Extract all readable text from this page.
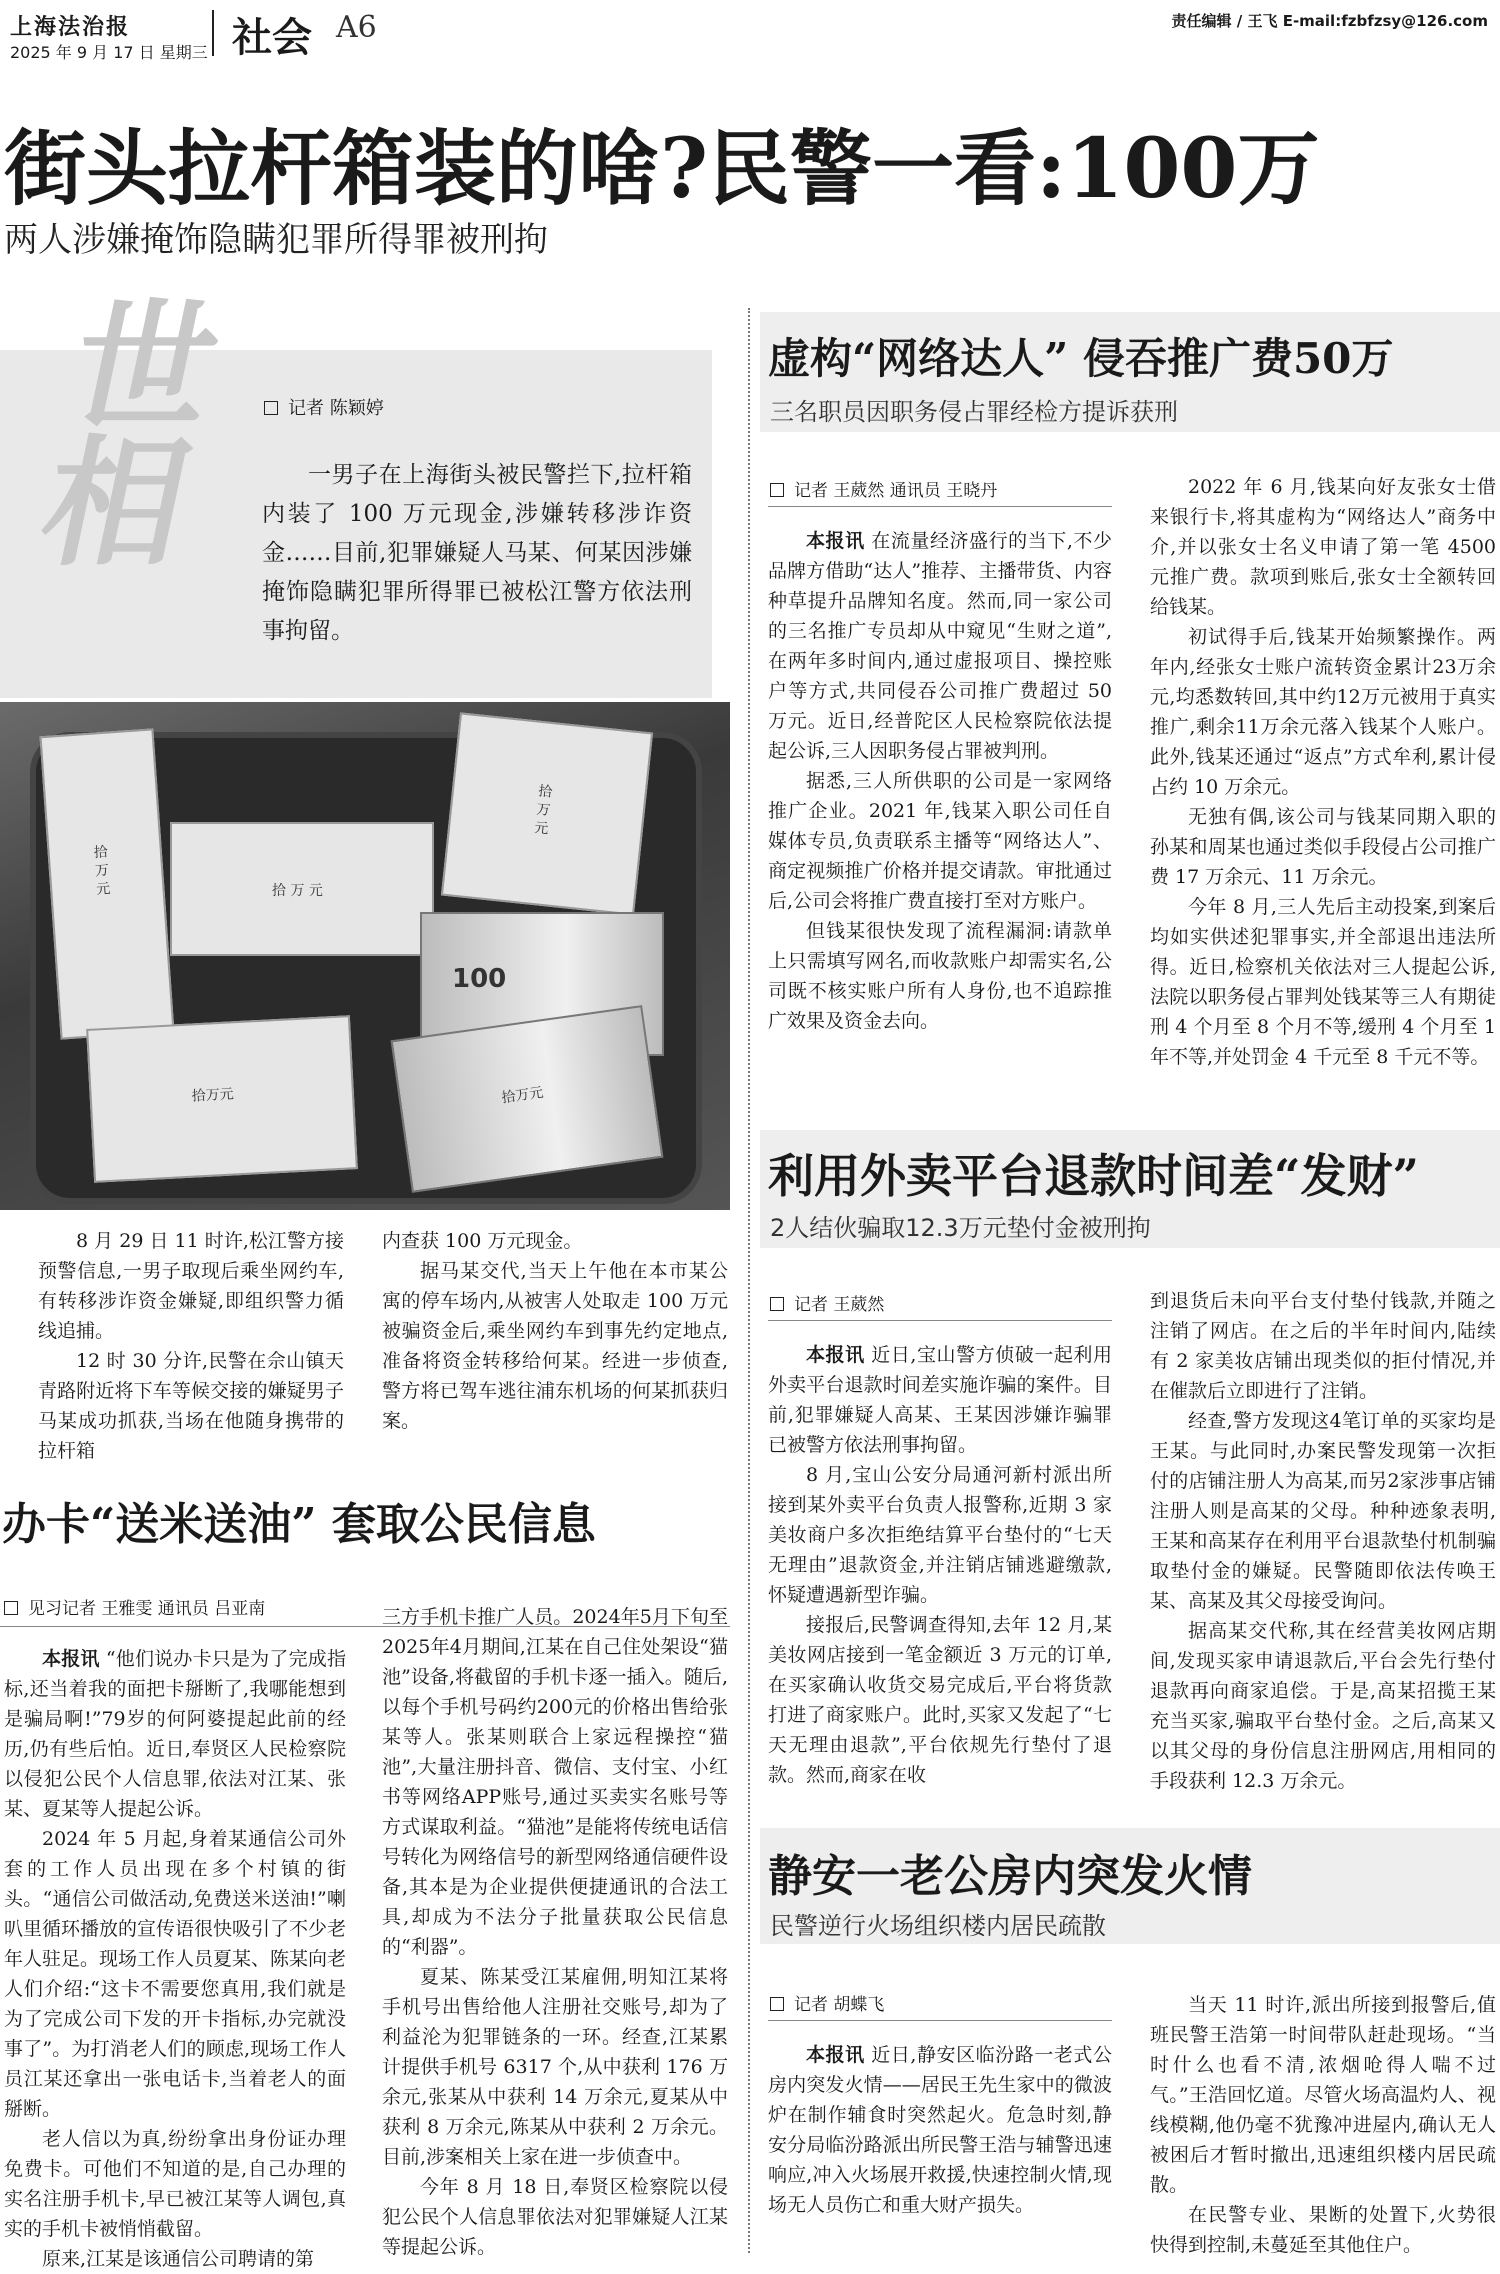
上海法治报
2025 年 9 月 17 日 星期三 社会 A6	责任编辑 / 王飞 E-mail:fzbfzsy@126.com
街头拉杆箱装的啥?民警一看:100万
两人涉嫌掩饰隐瞒犯罪所得罪被刑拘
世相
记者 陈颖婷
一男子在上海街头被民警拦下,拉杆箱内装了 100 万元现金,涉嫌转移涉诈资金……目前,犯罪嫌疑人马某、何某因涉嫌掩饰隐瞒犯罪所得罪已被松江警方依法刑事拘留。
拾 万 元	拾 万 元
拾 万 元
100
拾万元	拾万元

8 月 29 日 11 时许,松江警方接预警信息,一男子取现后乘坐网约车,有转移涉诈资金嫌疑,即组织警力循线追捕。

12 时 30 分许,民警在佘山镇天青路附近将下车等候交接的嫌疑男子马某成功抓获,当场在他随身携带的拉杆箱

内查获 100 万元现金。

据马某交代,当天上午他在本市某公寓的停车场内,从被害人处取走 100 万元被骗资金后,乘坐网约车到事先约定地点,准备将资金转移给何某。经进一步侦查,警方将已驾车逃往浦东机场的何某抓获归案。

办卡“送米送油” 套取公民信息
见习记者 王雅雯 通讯员 吕亚南

本报讯 “他们说办卡只是为了完成指标,还当着我的面把卡掰断了,我哪能想到是骗局啊!”79岁的何阿婆提起此前的经历,仍有些后怕。近日,奉贤区人民检察院以侵犯公民个人信息罪,依法对江某、张某、夏某等人提起公诉。

2024 年 5 月起,身着某通信公司外套的工作人员出现在多个村镇的街头。“通信公司做活动,免费送米送油!”喇叭里循环播放的宣传语很快吸引了不少老年人驻足。现场工作人员夏某、陈某向老人们介绍:“这卡不需要您真用,我们就是为了完成公司下发的开卡指标,办完就没事了”。为打消老人们的顾虑,现场工作人员江某还拿出一张电话卡,当着老人的面掰断。

老人信以为真,纷纷拿出身份证办理免费卡。可他们不知道的是,自己办理的实名注册手机卡,早已被江某等人调包,真实的手机卡被悄悄截留。

原来,江某是该通信公司聘请的第

三方手机卡推广人员。2024年5月下旬至2025年4月期间,江某在自己住处架设“猫池”设备,将截留的手机卡逐一插入。随后,以每个手机号码约200元的价格出售给张某等人。张某则联合上家远程操控“猫池”,大量注册抖音、微信、支付宝、小红书等网络APP账号,通过买卖实名账号等方式谋取利益。“猫池”是能将传统电话信号转化为网络信号的新型网络通信硬件设备,其本是为企业提供便捷通讯的合法工具,却成为不法分子批量获取公民信息的“利器”。

夏某、陈某受江某雇佣,明知江某将手机号出售给他人注册社交账号,却为了利益沦为犯罪链条的一环。经查,江某累计提供手机号 6317 个,从中获利 176 万余元,张某从中获利 14 万余元,夏某从中获利 8 万余元,陈某从中获利 2 万余元。目前,涉案相关上家在进一步侦查中。

今年 8 月 18 日,奉贤区检察院以侵犯公民个人信息罪依法对犯罪嫌疑人江某等提起公诉。

虚构“网络达人” 侵吞推广费50万
三名职员因职务侵占罪经检方提诉获刑
记者 王葳然 通讯员 王晓丹

本报讯 在流量经济盛行的当下,不少品牌方借助“达人”推荐、主播带货、内容种草提升品牌知名度。然而,同一家公司的三名推广专员却从中窥见“生财之道”,在两年多时间内,通过虚报项目、操控账户等方式,共同侵吞公司推广费超过 50 万元。近日,经普陀区人民检察院依法提起公诉,三人因职务侵占罪被判刑。

据悉,三人所供职的公司是一家网络推广企业。2021 年,钱某入职公司任自媒体专员,负责联系主播等“网络达人”、商定视频推广价格并提交请款。审批通过后,公司会将推广费直接打至对方账户。

但钱某很快发现了流程漏洞:请款单上只需填写网名,而收款账户却需实名,公司既不核实账户所有人身份,也不追踪推广效果及资金去向。

2022 年 6 月,钱某向好友张女士借来银行卡,将其虚构为“网络达人”商务中介,并以张女士名义申请了第一笔 4500 元推广费。款项到账后,张女士全额转回给钱某。

初试得手后,钱某开始频繁操作。两年内,经张女士账户流转资金累计23万余元,均悉数转回,其中约12万元被用于真实推广,剩余11万余元落入钱某个人账户。此外,钱某还通过“返点”方式牟利,累计侵占约 10 万余元。

无独有偶,该公司与钱某同期入职的孙某和周某也通过类似手段侵占公司推广费 17 万余元、11 万余元。

今年 8 月,三人先后主动投案,到案后均如实供述犯罪事实,并全部退出违法所得。近日,检察机关依法对三人提起公诉,法院以职务侵占罪判处钱某等三人有期徒刑 4 个月至 8 个月不等,缓刑 4 个月至 1 年不等,并处罚金 4 千元至 8 千元不等。

利用外卖平台退款时间差“发财”
2人结伙骗取12.3万元垫付金被刑拘
记者 王葳然

本报讯 近日,宝山警方侦破一起利用外卖平台退款时间差实施诈骗的案件。目前,犯罪嫌疑人高某、王某因涉嫌诈骗罪已被警方依法刑事拘留。

8 月,宝山公安分局通河新村派出所接到某外卖平台负责人报警称,近期 3 家美妆商户多次拒绝结算平台垫付的“七天无理由”退款资金,并注销店铺逃避缴款,怀疑遭遇新型诈骗。

接报后,民警调查得知,去年 12 月,某美妆网店接到一笔金额近 3 万元的订单,在买家确认收货交易完成后,平台将货款打进了商家账户。此时,买家又发起了“七天无理由退款”,平台依规先行垫付了退款。然而,商家在收

到退货后未向平台支付垫付钱款,并随之注销了网店。在之后的半年时间内,陆续有 2 家美妆店铺出现类似的拒付情况,并在催款后立即进行了注销。

经查,警方发现这4笔订单的买家均是王某。与此同时,办案民警发现第一次拒付的店铺注册人为高某,而另2家涉事店铺注册人则是高某的父母。种种迹象表明,王某和高某存在利用平台退款垫付机制骗取垫付金的嫌疑。民警随即依法传唤王某、高某及其父母接受询问。

据高某交代称,其在经营美妆网店期间,发现买家申请退款后,平台会先行垫付退款再向商家追偿。于是,高某招揽王某充当买家,骗取平台垫付金。之后,高某又以其父母的身份信息注册网店,用相同的手段获利 12.3 万余元。

静安一老公房内突发火情
民警逆行火场组织楼内居民疏散
记者 胡蝶飞

本报讯 近日,静安区临汾路一老式公房内突发火情——居民王先生家中的微波炉在制作辅食时突然起火。危急时刻,静安分局临汾路派出所民警王浩与辅警迅速响应,冲入火场展开救援,快速控制火情,现场无人员伤亡和重大财产损失。

当天 11 时许,派出所接到报警后,值班民警王浩第一时间带队赶赴现场。“当时什么也看不清,浓烟呛得人喘不过气。”王浩回忆道。尽管火场高温灼人、视线模糊,他仍毫不犹豫冲进屋内,确认无人被困后才暂时撤出,迅速组织楼内居民疏散。

在民警专业、果断的处置下,火势很快得到控制,未蔓延至其他住户。
